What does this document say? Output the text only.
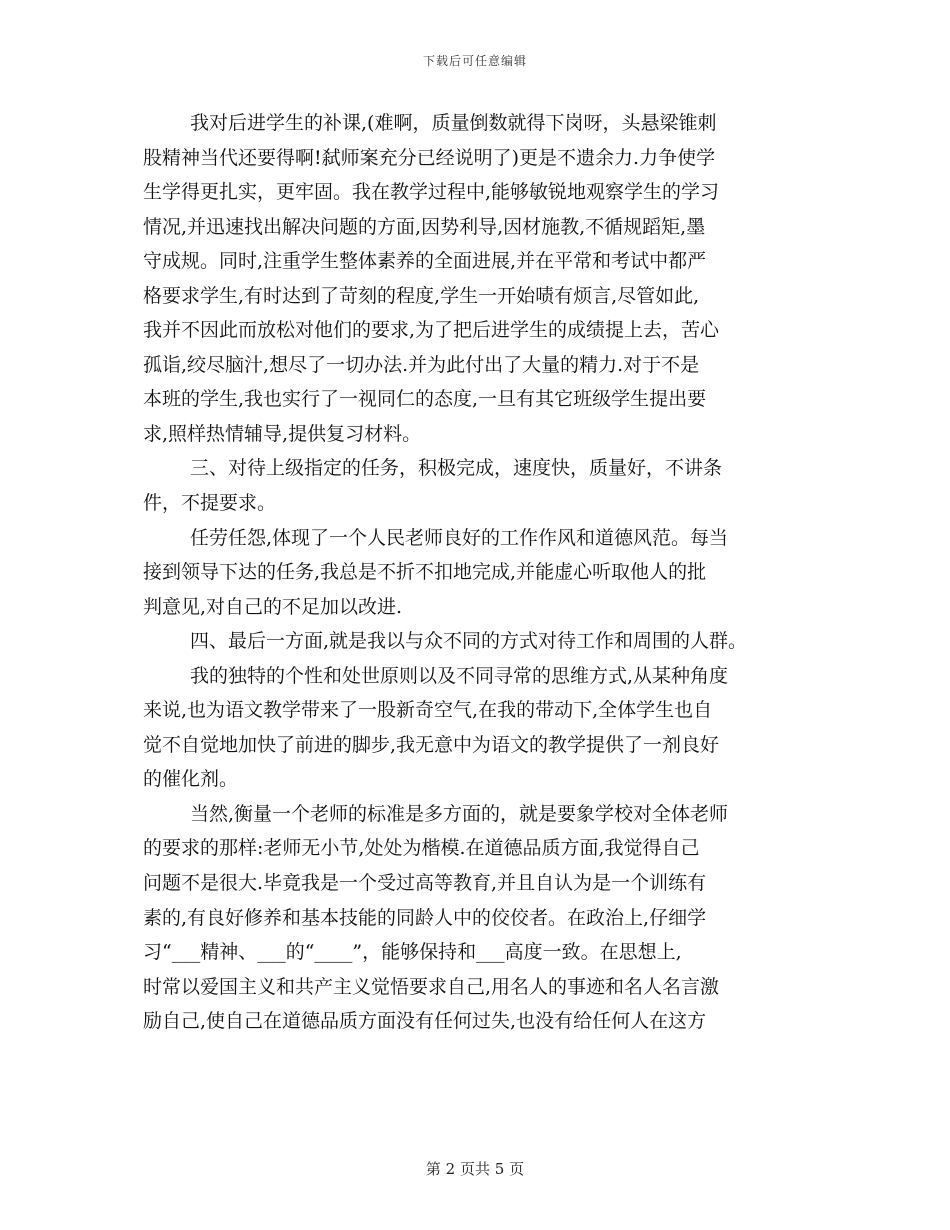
下载后可任意编辑
我对后进学生的补课,(难啊，质量倒数就得下岗呀，头悬梁锥刺
股精神当代还要得啊!弑师案充分已经说明了)更是不遗余力.力争使学
生学得更扎实，更牢固。我在教学过程中,能够敏锐地观察学生的学习
情况,并迅速找出解决问题的方面,因势利导,因材施教,不循规蹈矩,墨
守成规。同时,注重学生整体素养的全面进展,并在平常和考试中都严
格要求学生,有时达到了苛刻的程度,学生一开始啧有烦言,尽管如此,
我并不因此而放松对他们的要求,为了把后进学生的成绩提上去，苦心
孤诣,绞尽脑汁,想尽了一切办法.并为此付出了大量的精力.对于不是
本班的学生,我也实行了一视同仁的态度,一旦有其它班级学生提出要
求,照样热情辅导,提供复习材料。
三、对待上级指定的任务，积极完成，速度快，质量好，不讲条
件，不提要求。
任劳任怨,体现了一个人民老师良好的工作作风和道德风范。每当
接到领导下达的任务,我总是不折不扣地完成,并能虚心听取他人的批
判意见,对自己的不足加以改进.
四、最后一方面,就是我以与众不同的方式对待工作和周围的人群。
我的独特的个性和处世原则以及不同寻常的思维方式,从某种角度
来说,也为语文教学带来了一股新奇空气,在我的带动下,全体学生也自
觉不自觉地加快了前进的脚步,我无意中为语文的教学提供了一剂良好
的催化剂。
当然,衡量一个老师的标准是多方面的，就是要象学校对全体老师
的要求的那样:老师无小节,处处为楷模.在道德品质方面,我觉得自己
问题不是很大.毕竟我是一个受过高等教育,并且自认为是一个训练有
素的,有良好修养和基本技能的同龄人中的佼佼者。在政治上,仔细学
习“___精神、___的“____”，能够保持和___高度一致。在思想上,
时常以爱国主义和共产主义觉悟要求自己,用名人的事迹和名人名言激
励自己,使自己在道德品质方面没有任何过失,也没有给任何人在这方
第 2 页共 5 页
